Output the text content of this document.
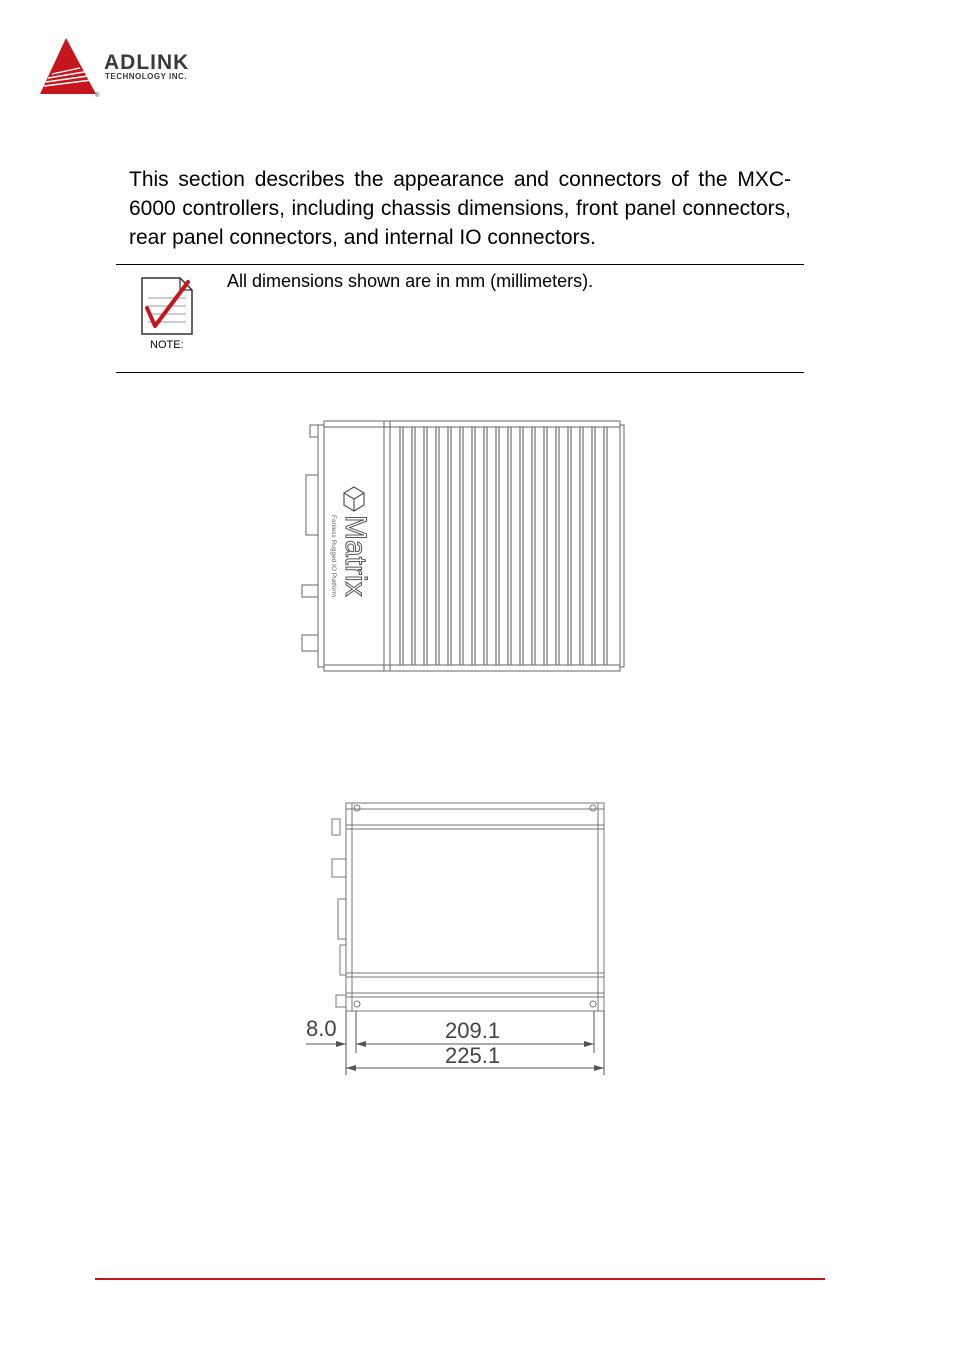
®
ADLINK
TECHNOLOGY INC.
This section describes the appearance and connectors of the MXC-6000 controllers, including chassis dimensions, front panel connectors, rear panel connectors, and internal IO connectors.
NOTE:
All dimensions shown are in mm (millimeters).
Matrix
Fanless Rugged IO Platform
8.0	209.1
225.1
